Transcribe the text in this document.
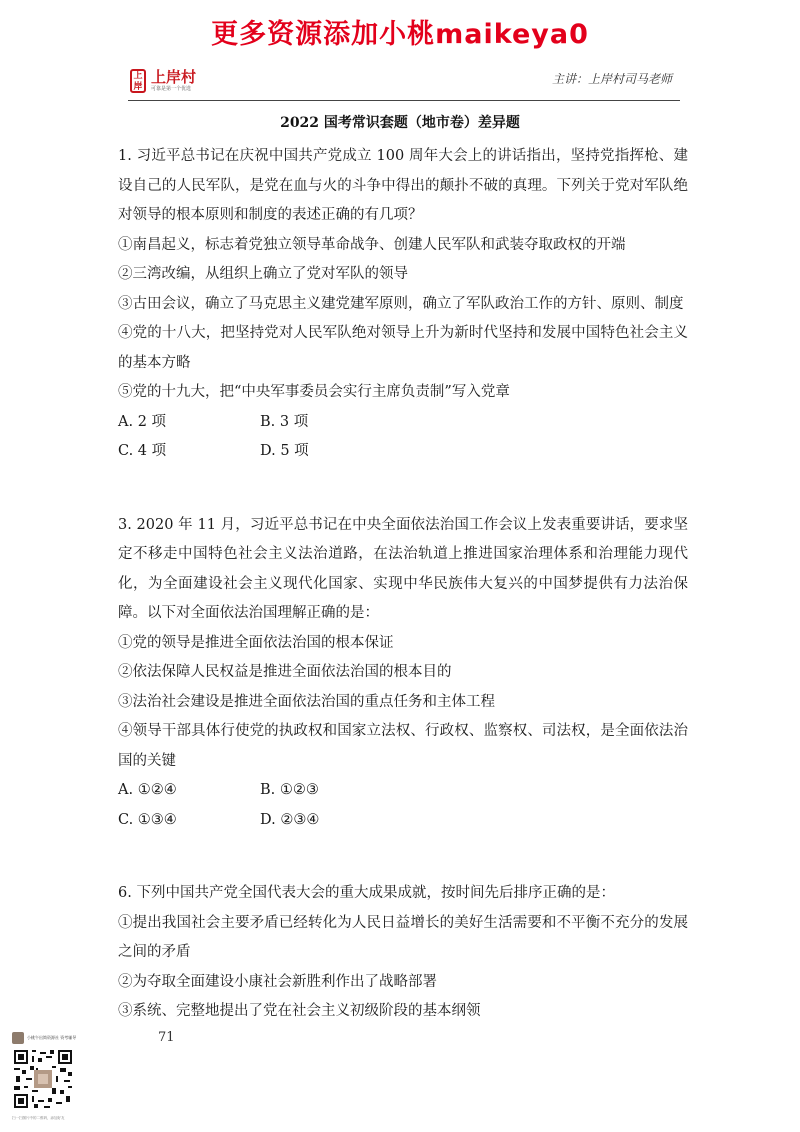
更多资源添加小桃maikeya0
上岸
上岸村
可靠是第一个优选
主讲：上岸村司马老师
2022 国考常识套题（地市卷）差异题
1. 习近平总书记在庆祝中国共产党成立 100 周年大会上的讲话指出，坚持党指挥枪、建设自己的人民军队，是党在血与火的斗争中得出的颠扑不破的真理。下列关于党对军队绝对领导的根本原则和制度的表述正确的有几项？
①南昌起义，标志着党独立领导革命战争、创建人民军队和武装夺取政权的开端
②三湾改编，从组织上确立了党对军队的领导
③古田会议，确立了马克思主义建党建军原则，确立了军队政治工作的方针、原则、制度
④党的十八大，把坚持党对人民军队绝对领导上升为新时代坚持和发展中国特色社会主义的基本方略
⑤党的十九大，把“中央军事委员会实行主席负责制”写入党章
A. 2 项	B. 3 项
C. 4 项	D. 5 项
3. 2020 年 11 月，习近平总书记在中央全面依法治国工作会议上发表重要讲话，要求坚定不移走中国特色社会主义法治道路，在法治轨道上推进国家治理体系和治理能力现代化，为全面建设社会主义现代化国家、实现中华民族伟大复兴的中国梦提供有力法治保障。以下对全面依法治国理解正确的是：
①党的领导是推进全面依法治国的根本保证
②依法保障人民权益是推进全面依法治国的根本目的
③法治社会建设是推进全面依法治国的重点任务和主体工程
④领导干部具体行使党的执政权和国家立法权、行政权、监察权、司法权，是全面依法治国的关键
A. ①②④	B. ①②③
C. ①③④	D. ②③④
6. 下列中国共产党全国代表大会的重大成果成就，按时间先后排序正确的是：
①提出我国社会主要矛盾已经转化为人民日益增长的美好生活需要和不平衡不充分的发展之间的矛盾
②为夺取全面建设小康社会新胜利作出了战略部署
③系统、完整地提出了党在社会主义初级阶段的基本纲领
71
小桃午出简资源社 资考辅导
扫一扫图片中的二维码，添加好友
